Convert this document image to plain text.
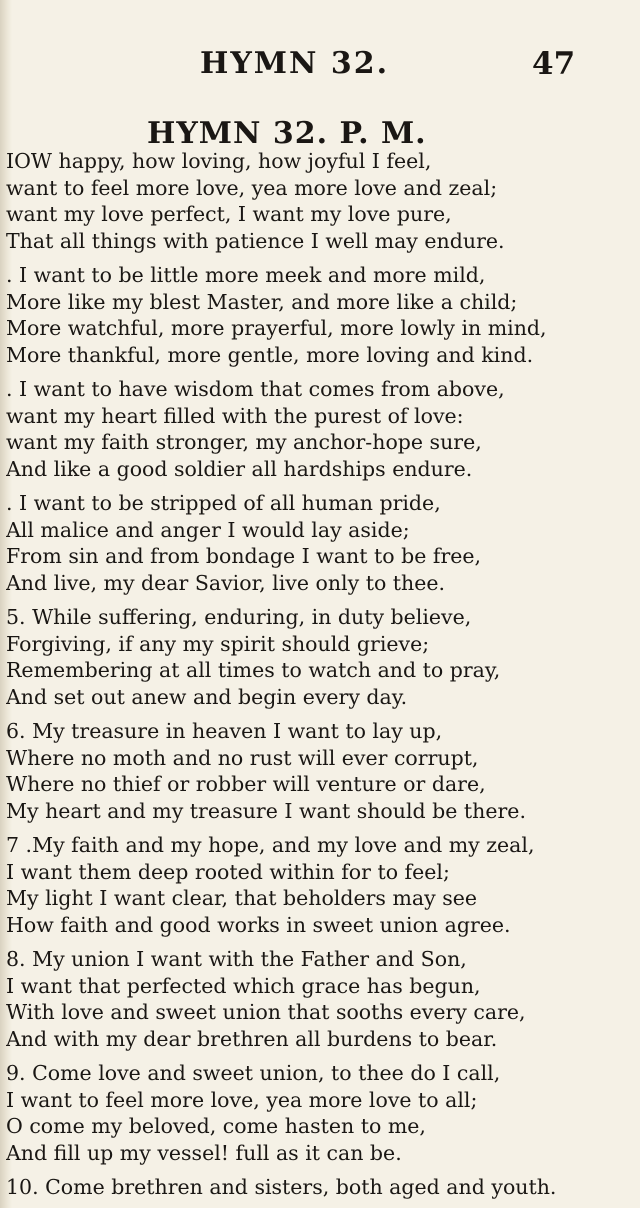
HYMN 32.	47
HYMN 32. P. M.
IOW happy, how loving, how joyful I feel,
want to feel more love, yea more love and zeal;
want my love perfect, I want my love pure,
That all things with patience I well may endure.
. I want to be little more meek and more mild,
More like my blest Master, and more like a child;
More watchful, more prayerful, more lowly in mind,
More thankful, more gentle, more loving and kind.
. I want to have wisdom that comes from above,
want my heart filled with the purest of love:
want my faith stronger, my anchor-hope sure,
And like a good soldier all hardships endure.
. I want to be stripped of all human pride,
All malice and anger I would lay aside;
From sin and from bondage I want to be free,
And live, my dear Savior, live only to thee.
5. While suffering, enduring, in duty believe,
Forgiving, if any my spirit should grieve;
Remembering at all times to watch and to pray,
And set out anew and begin every day.
6. My treasure in heaven I want to lay up,
Where no moth and no rust will ever corrupt,
Where no thief or robber will venture or dare,
My heart and my treasure I want should be there.
7 .My faith and my hope, and my love and my zeal,
I want them deep rooted within for to feel;
My light I want clear, that beholders may see
How faith and good works in sweet union agree.
8. My union I want with the Father and Son,
I want that perfected which grace has begun,
With love and sweet union that sooths every care,
And with my dear brethren all burdens to bear.
9. Come love and sweet union, to thee do I call,
I want to feel more love, yea more love to all;
O come my beloved, come hasten to me,
And fill up my vessel! full as it can be.
10. Come brethren and sisters, both aged and youth.
